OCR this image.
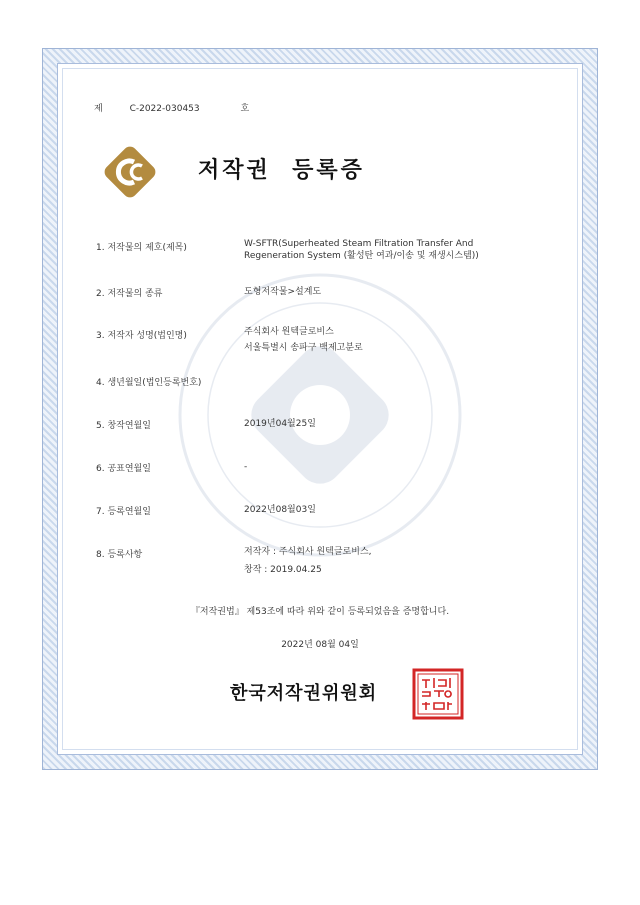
제	C-2022-030453	호
저작권  등록증
1. 저작물의 제호(제목)	W-SFTR(Superheated Steam Filtration Transfer And
Regeneration System (활성탄 여과/이송 및 재생시스템))
2. 저작물의 종류	도형저작물>설계도
3. 저작자 성명(법인명)	주식회사 원텍글로비스
서울특별시 송파구 백제고분로
4. 생년월일(법인등록번호)
5. 창작연월일	2019년04월25일
6. 공표연월일	-
7. 등록연월일	2022년08월03일
8. 등록사항	저작자 : 주식회사 원텍글로비스,
창작 : 2019.04.25
『저작권법』 제53조에 따라 위와 같이 등록되었음을 증명합니다.
2022년 08월 04일
한국저작권위원회
